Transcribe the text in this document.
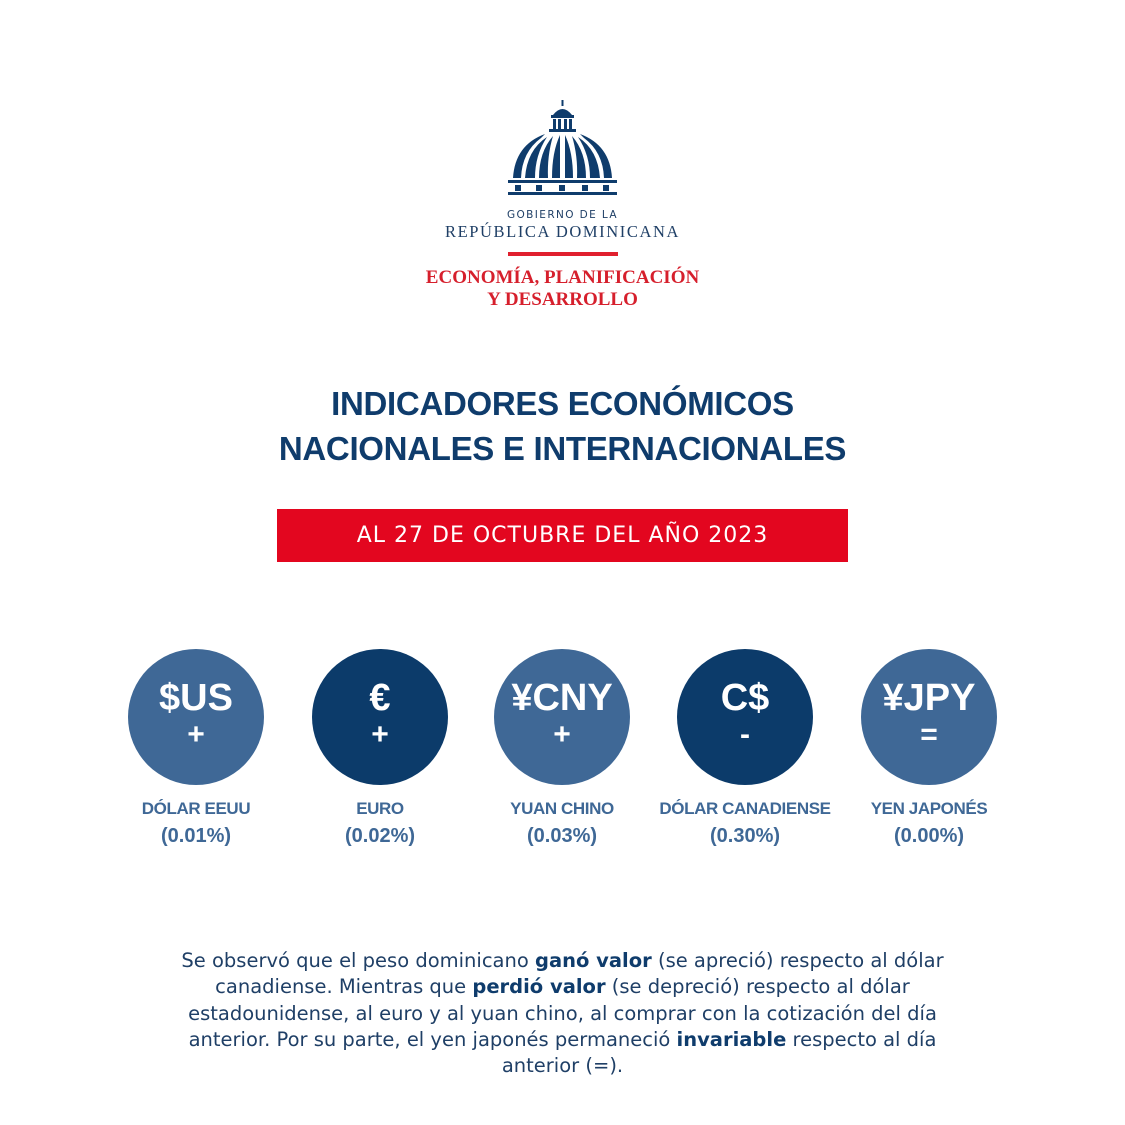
GOBIERNO DE LA
REPÚBLICA DOMINICANA
ECONOMÍA, PLANIFICACIÓN
Y DESARROLLO
INDICADORES ECONÓMICOS
NACIONALES E INTERNACIONALES
AL 27 DE OCTUBRE DEL AÑO 2023
$US
+
DÓLAR EEUU
(0.01%)
€
+
EURO
(0.02%)
¥CNY
+
YUAN CHINO
(0.03%)
C$
-
DÓLAR CANADIENSE
(0.30%)
¥JPY
=
YEN JAPONÉS
(0.00%)
Se observó que el peso dominicano ganó valor (se apreció) respecto al dólar canadiense. Mientras que perdió valor (se depreció) respecto al dólar estadounidense, al euro y al yuan chino, al comprar con la cotización del día anterior. Por su parte, el yen japonés permaneció invariable respecto al día anterior (=).
